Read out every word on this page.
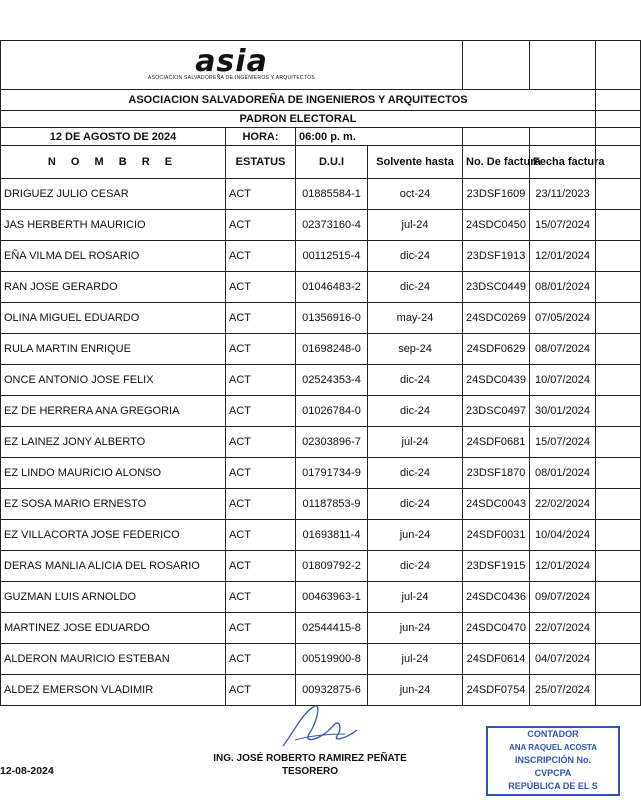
asia
ASOCIACION SALVADOREÑA DE INGENIEROS Y ARQUITECTOS						

ASOCIACION SALVADOREÑA DE INGENIEROS Y ARQUITECTOS						
PADRON ELECTORAL						
12 DE AGOSTO DE 2024	HORA:	06:00 p. m.				
N O M B R E	ESTATUS	D.U.I	Solvente hasta	No. De factura	Fecha factura	
DRIGUEZ JULIO CESAR	ACT	01885584-1	oct-24	23DSF1609	23/11/2023	
JAS HERBERTH MAURICIO	ACT	02373160-4	jul-24	24SDC0450	15/07/2024	
EÑA VILMA DEL ROSARIO	ACT	00112515-4	dic-24	23DSF1913	12/01/2024	
RAN JOSE GERARDO	ACT	01046483-2	dic-24	23DSC0449	08/01/2024	
OLINA MIGUEL EDUARDO	ACT	01356916-0	may-24	24SDC0269	07/05/2024	
RULA MARTIN ENRIQUE	ACT	01698248-0	sep-24	24SDF0629	08/07/2024	
ONCE ANTONIO JOSE FELIX	ACT	02524353-4	dic-24	24SDC0439	10/07/2024	
EZ DE HERRERA ANA GREGORIA	ACT	01026784-0	dic-24	23DSC0497	30/01/2024	
EZ LAINEZ JONY ALBERTO	ACT	02303896-7	jul-24	24SDF0681	15/07/2024	
EZ LINDO MAURICIO ALONSO	ACT	01791734-9	dic-24	23DSF1870	08/01/2024	
EZ SOSA MARIO ERNESTO	ACT	01187853-9	dic-24	24SDC0043	22/02/2024	
EZ VILLACORTA JOSE FEDERICO	ACT	01693811-4	jun-24	24SDF0031	10/04/2024	
DERAS MANLIA ALICIA DEL ROSARIO	ACT	01809792-2	dic-24	23DSF1915	12/01/2024	
GUZMAN LUIS ARNOLDO	ACT	00463963-1	jul-24	24SDC0436	09/07/2024	
MARTINEZ JOSE EDUARDO	ACT	02544415-8	jun-24	24SDC0470	22/07/2024	
ALDERON MAURICIO ESTEBAN	ACT	00519900-8	jul-24	24SDF0614	04/07/2024	
ALDEZ EMERSON VLADIMIR	ACT	00932875-6	jun-24	24SDF0754	25/07/2024	
12-08-2024
ING. JOSÉ ROBERTO RAMIREZ PEÑATE
TESORERO
CONTADOR
ANA RAQUEL ACOSTA
INSCRIPCIÓN No.
CVPCPA
REPÚBLICA DE EL S
